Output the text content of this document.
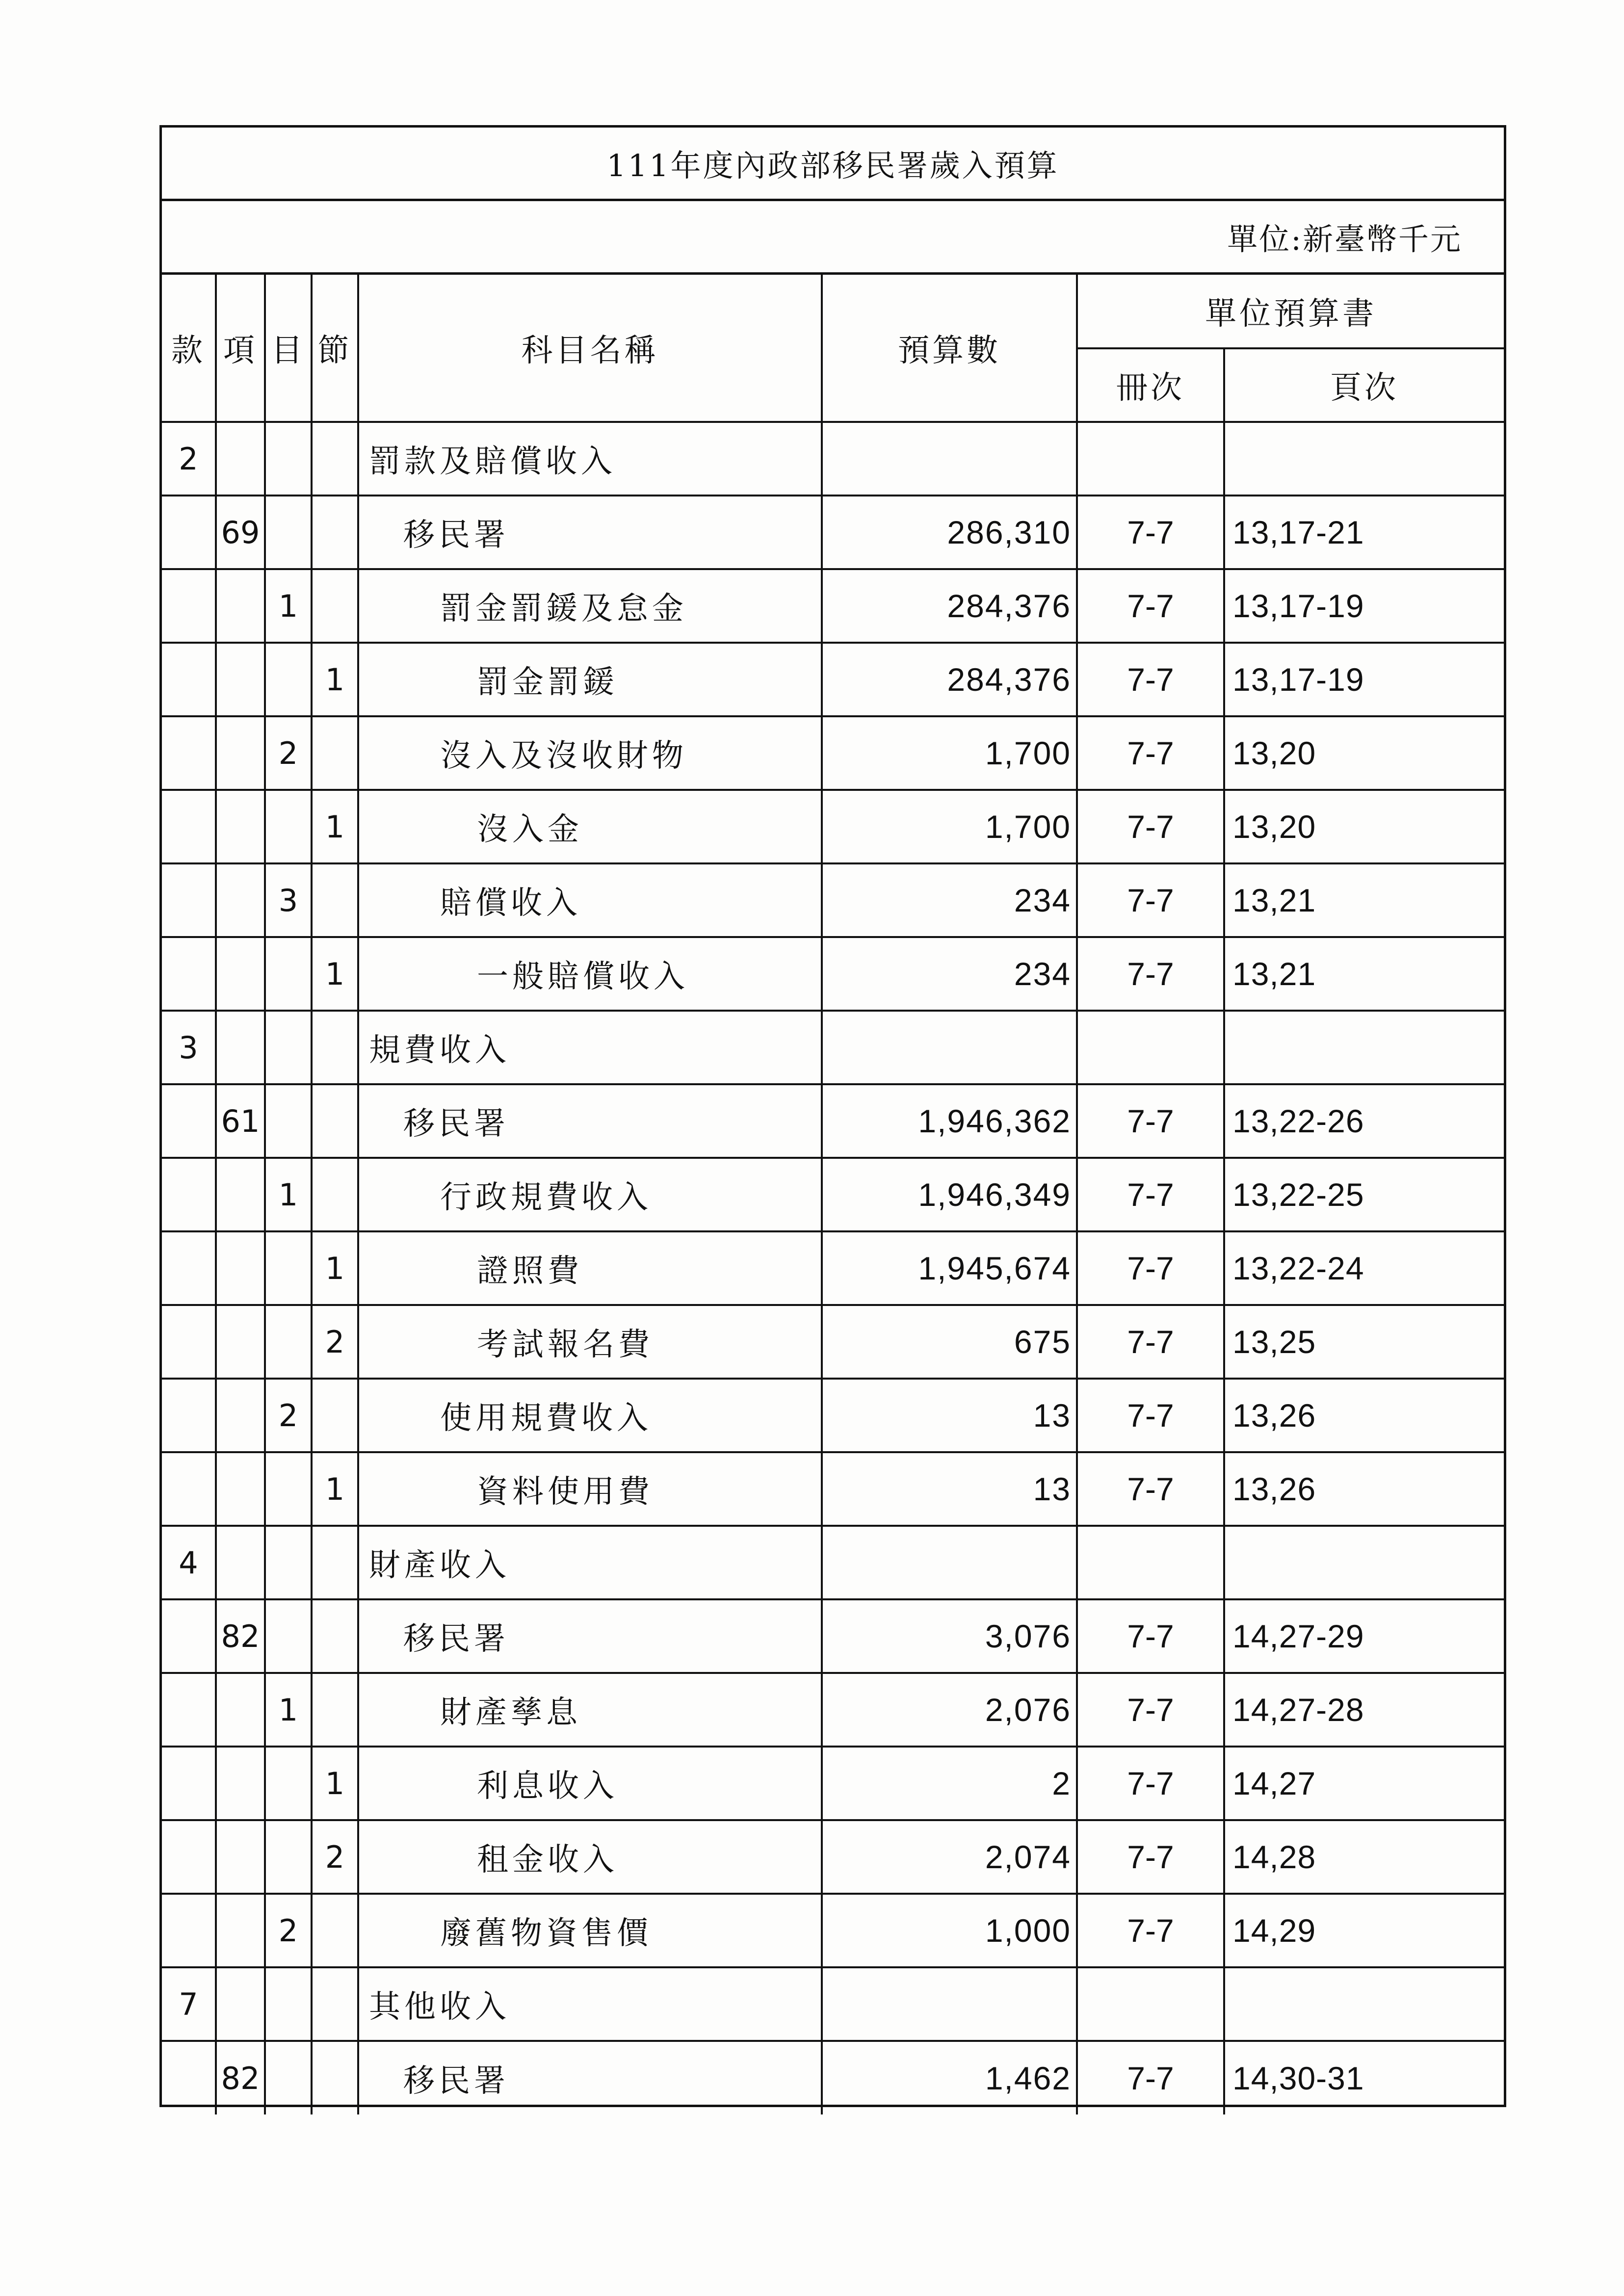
111年度內政部移民署歲入預算
單位:新臺幣千元
款	項	目	節	科目名稱	預算數	單位預算書	
						冊次	頁次
2				罰款及賠償收入			
	69			移民署	286,310	7-7	13,17-21
		1		罰金罰鍰及怠金	284,376	7-7	13,17-19
			1	罰金罰鍰	284,376	7-7	13,17-19
		2		沒入及沒收財物	1,700	7-7	13,20
			1	沒入金	1,700	7-7	13,20
		3		賠償收入	234	7-7	13,21
			1	一般賠償收入	234	7-7	13,21
3				規費收入			
	61			移民署	1,946,362	7-7	13,22-26
		1		行政規費收入	1,946,349	7-7	13,22-25
			1	證照費	1,945,674	7-7	13,22-24
			2	考試報名費	675	7-7	13,25
		2		使用規費收入	13	7-7	13,26
			1	資料使用費	13	7-7	13,26
4				財產收入			
	82			移民署	3,076	7-7	14,27-29
		1		財產孳息	2,076	7-7	14,27-28
			1	利息收入	2	7-7	14,27
			2	租金收入	2,074	7-7	14,28
		2		廢舊物資售價	1,000	7-7	14,29
7				其他收入			
	82			移民署	1,462	7-7	14,30-31
